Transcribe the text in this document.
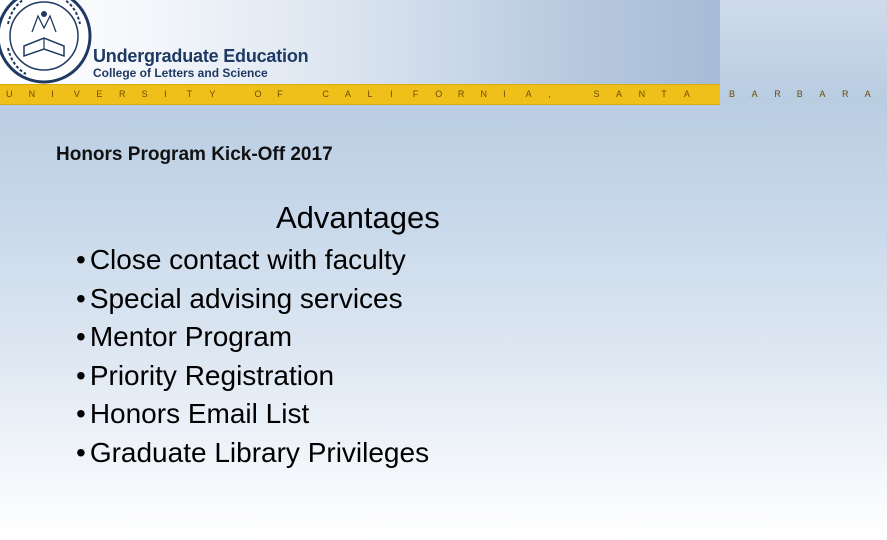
Undergraduate Education
College of Letters and Science
U N I V E R S I T Y	O F	C A L I F O R N I A ,	S A N T A	B A R B A R A
Honors Program Kick-Off 2017
Advantages
• Close contact with faculty
• Special advising services
• Mentor Program
• Priority Registration
• Honors Email List
• Graduate Library Privileges
